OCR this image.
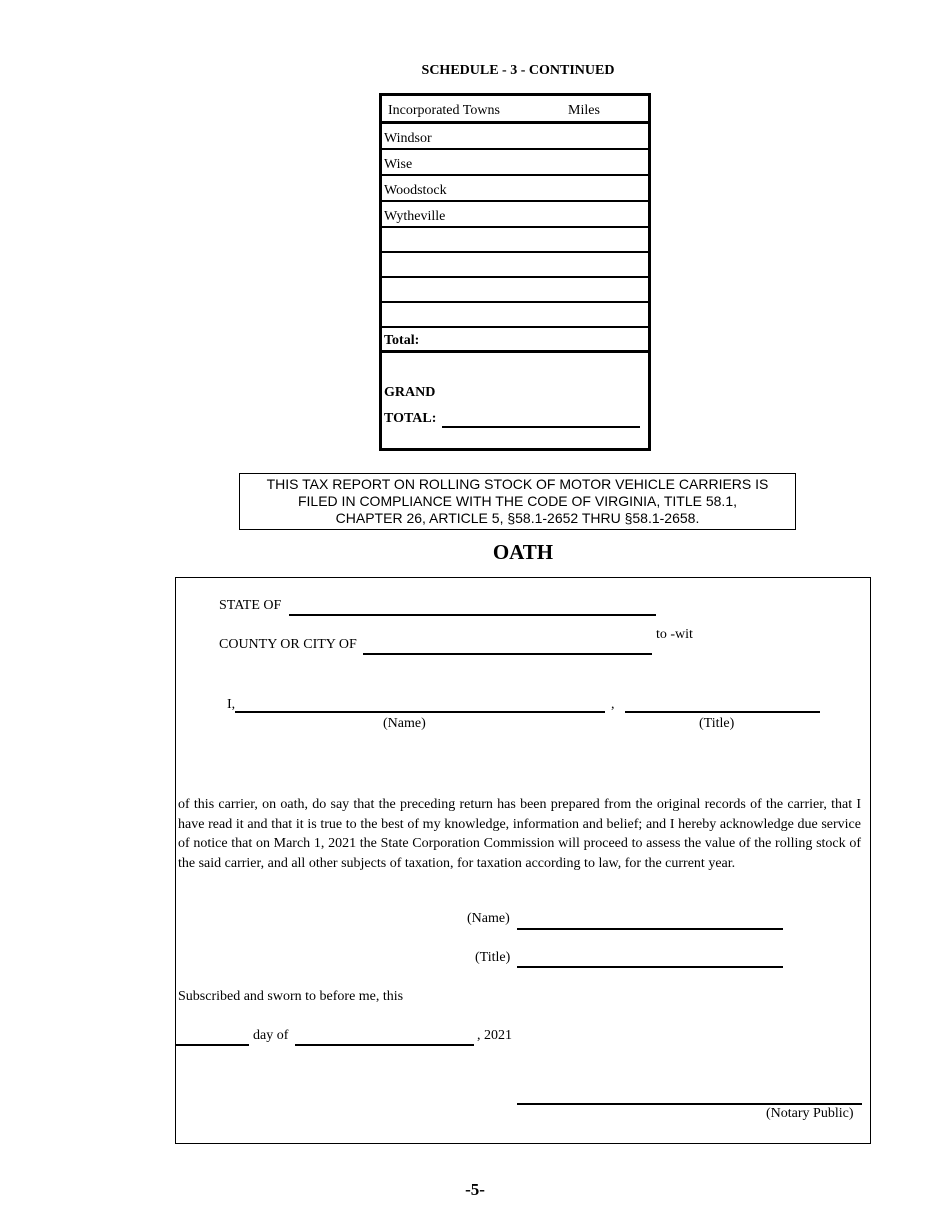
SCHEDULE - 3 - CONTINUED
Incorporated Towns	Miles
Windsor
Wise
Woodstock
Wytheville
Total:
GRAND
TOTAL:
THIS TAX REPORT ON ROLLING STOCK OF MOTOR VEHICLE CARRIERS IS
FILED IN COMPLIANCE WITH THE CODE OF VIRGINIA, TITLE 58.1,
CHAPTER 26, ARTICLE 5, §58.1-2652 THRU §58.1-2658.
OATH
STATE OF
COUNTY OR CITY OF
to -wit
I,	,
(Name)	(Title)
of this carrier, on oath, do say that the preceding return has been prepared from the original records of the carrier, that I have read it and that it is true to the best of my knowledge, information and belief; and I hereby acknowledge due service of notice that on March 1, 2021 the State Corporation Commission will proceed to assess the value of the rolling stock of the said carrier, and all other subjects of taxation, for taxation according to law, for the current year.
(Name)
(Title)
Subscribed and sworn to before me, this
day of	, 2021
(Notary Public)
-5-
